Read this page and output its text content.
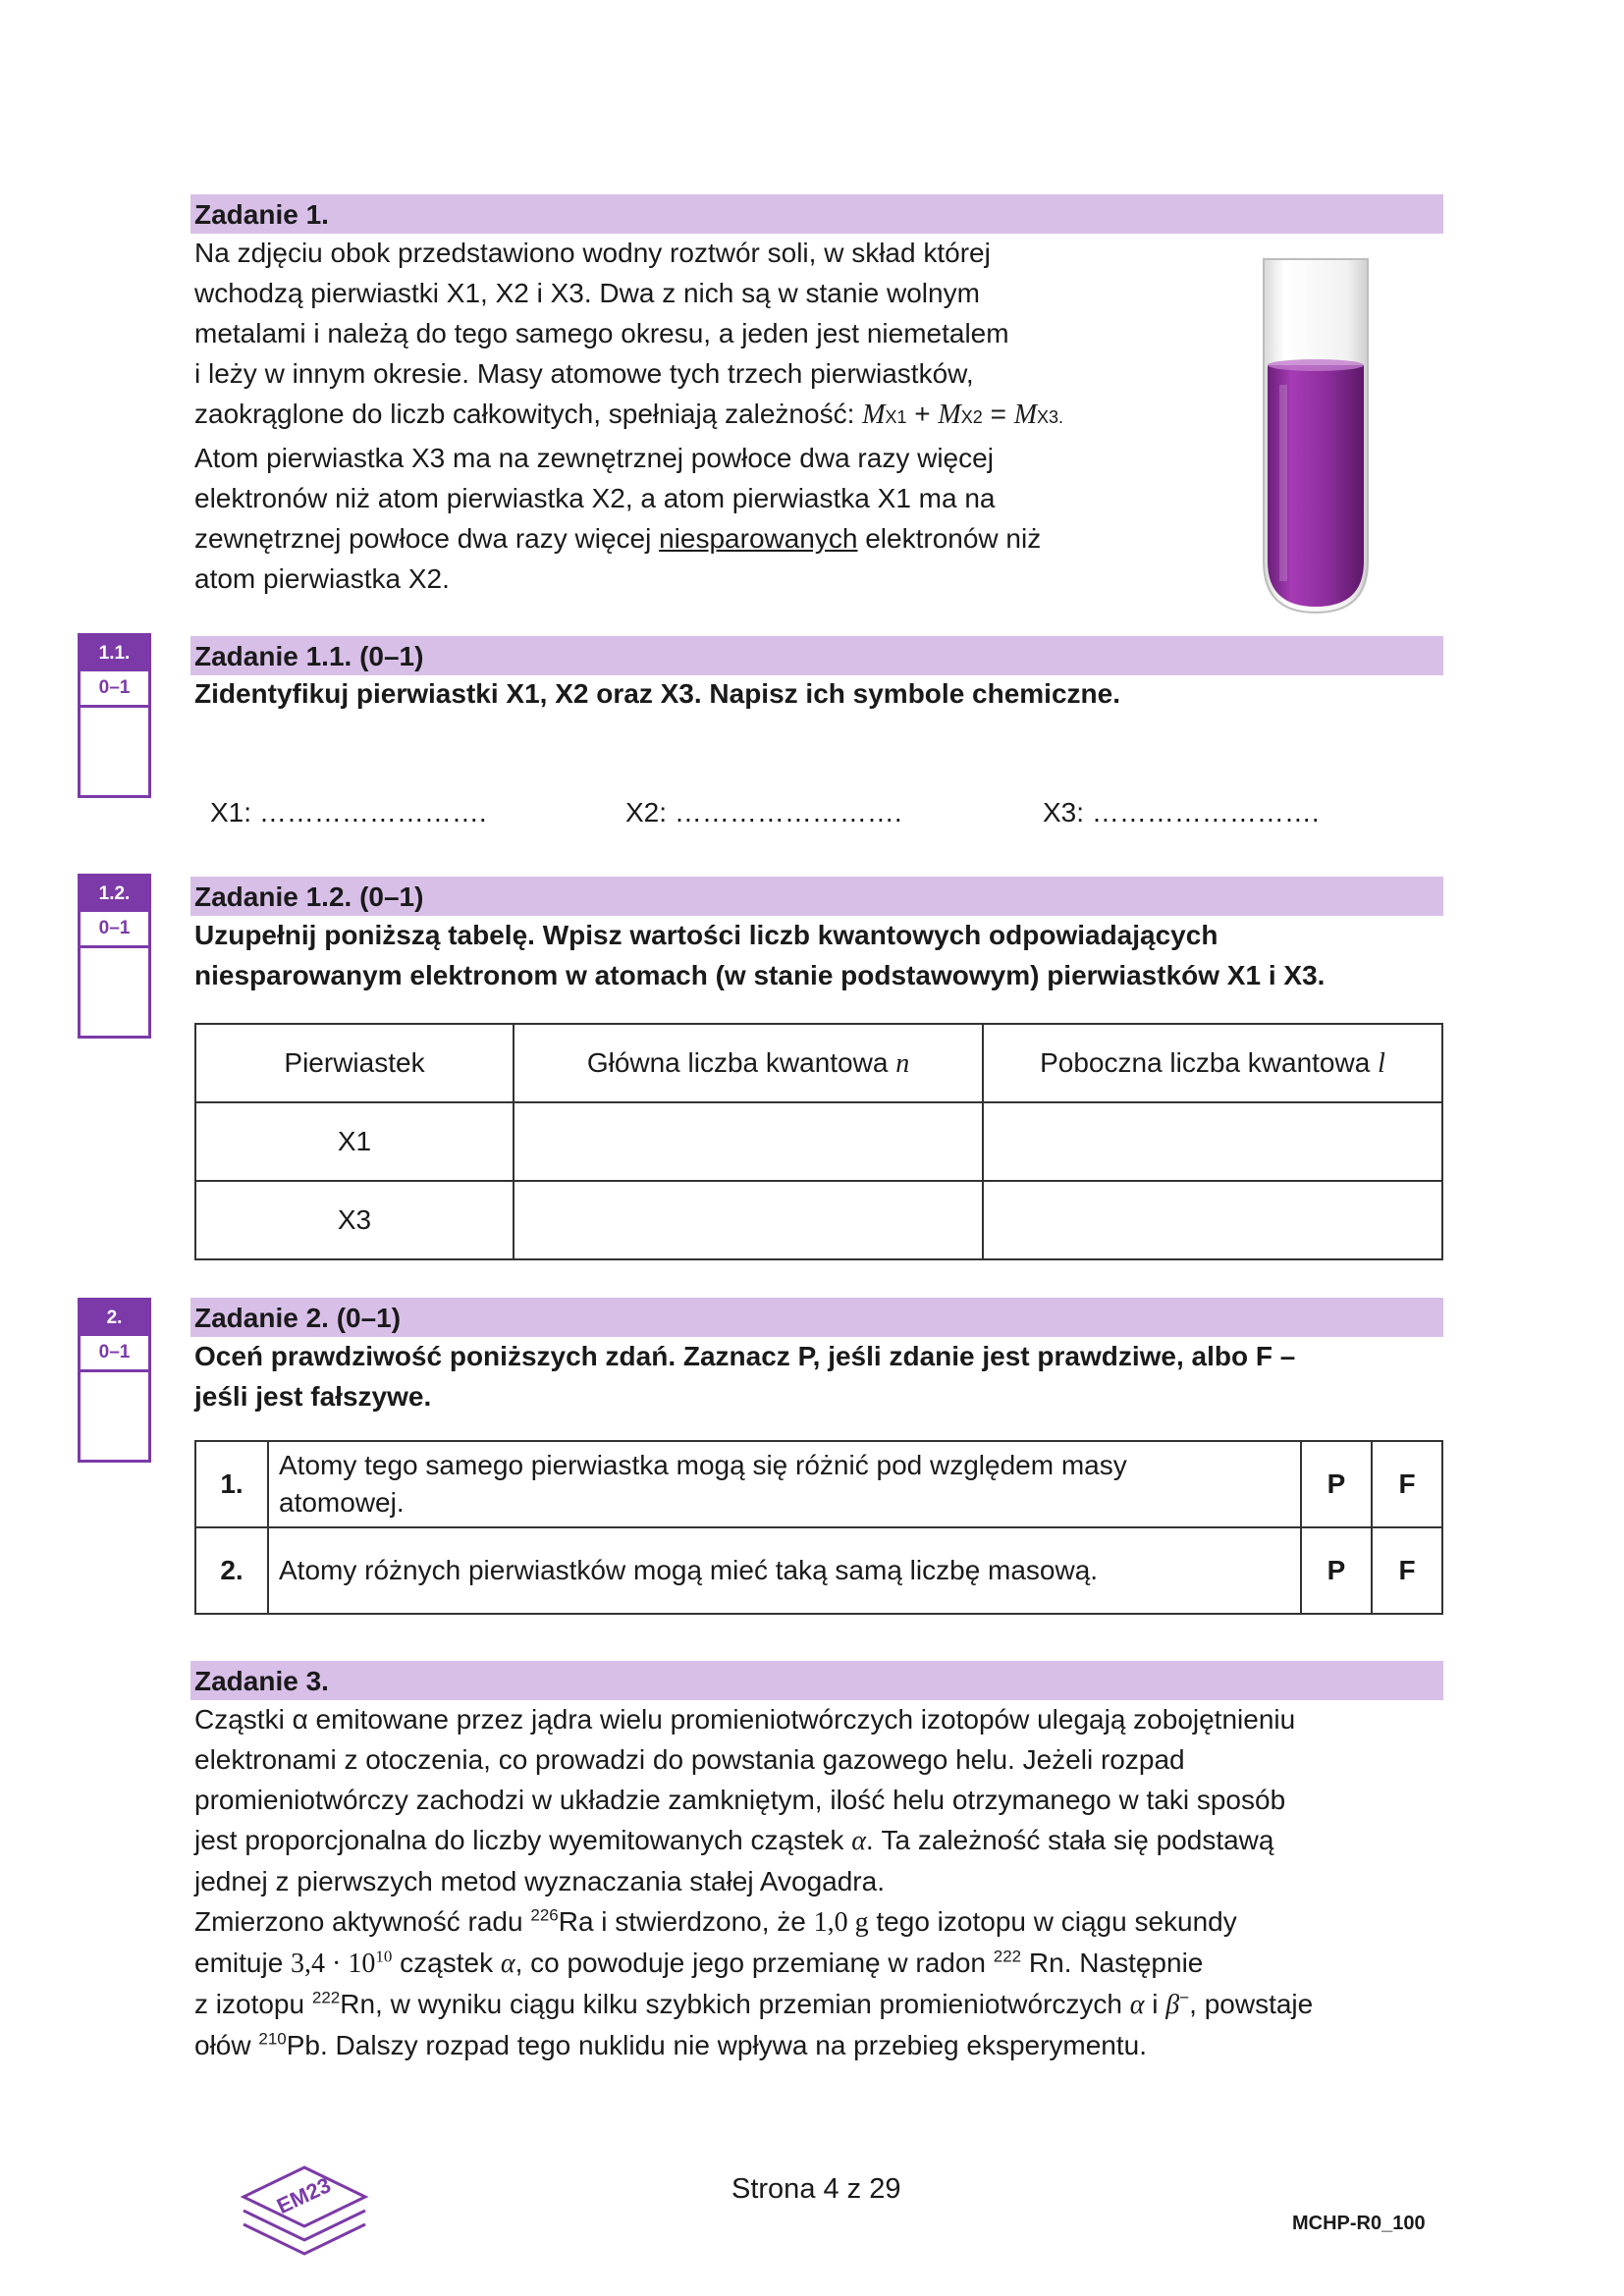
Zadanie 1.

Na zdjęciu obok przedstawiono wodny roztwór soli, w skład której

wchodzą pierwiastki X1, X2 i X3. Dwa z nich są w stanie wolnym

metalami i należą do tego samego okresu, a jeden jest niemetalem

i leży w innym okresie. Masy atomowe tych trzech pierwiastków,

zaokrąglone do liczb całkowitych, spełniają zależność: MX1 + MX2 = MX3.

Atom pierwiastka X3 ma na zewnętrznej powłoce dwa razy więcej

elektronów niż atom pierwiastka X2, a atom pierwiastka X1 ma na

zewnętrznej powłoce dwa razy więcej niesparowanych elektronów niż

atom pierwiastka X2.

1.1.
0–1
Zadanie 1.1. (0–1)
Zidentyfikuj pierwiastki X1, X2 oraz X3. Napisz ich symbole chemiczne.
X1: …………………….	X2: …………………….	X3: …………………….
1.2.
0–1
Zadanie 1.2. (0–1)
Uzupełnij poniższą tabelę. Wpisz wartości liczb kwantowych odpowiadających
niesparowanym elektronom w atomach (w stanie podstawowym) pierwiastków X1 i X3.
Pierwiastek	Główna liczba kwantowa n	Poboczna liczba kwantowa l
X1		
X3		
2.
0–1
Zadanie 2. (0–1)
Oceń prawdziwość poniższych zdań. Zaznacz P, jeśli zdanie jest prawdziwe, albo F –
jeśli jest fałszywe.
1.	Atomy tego samego pierwiastka mogą się różnić pod względem masy
atomowej.	P	F
2.	Atomy różnych pierwiastków mogą mieć taką samą liczbę masową.	P	F
Zadanie 3.

Cząstki α emitowane przez jądra wielu promieniotwórczych izotopów ulegają zobojętnieniu

elektronami z otoczenia, co prowadzi do powstania gazowego helu. Jeżeli rozpad

promieniotwórczy zachodzi w układzie zamkniętym, ilość helu otrzymanego w taki sposób

jest proporcjonalna do liczby wyemitowanych cząstek α. Ta zależność stała się podstawą

jednej z pierwszych metod wyznaczania stałej Avogadra.

Zmierzono aktywność radu $^{226}$Ra i stwierdzono, że 1,0 g tego izotopu w ciągu sekundy

emituje $3,4 \cdot 10^{10}$ cząstek α, co powoduje jego przemianę w radon $^{222}$ Rn. Następnie

z izotopu $^{222}$Rn, w wyniku ciągu kilku szybkich przemian promieniotwórczych α i β−, powstaje

ołów $^{210}$Pb. Dalszy rozpad tego nuklidu nie wpływa na przebieg eksperymentu.

EM23	Strona 4 z 29
MCHP-R0_100
